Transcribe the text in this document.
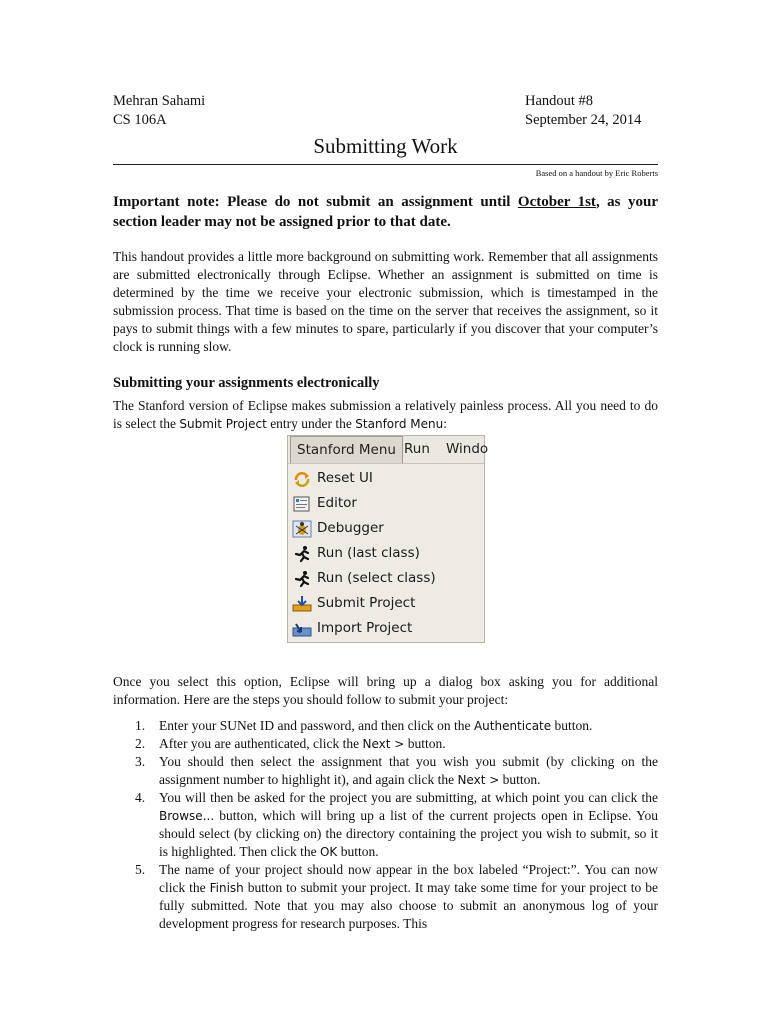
Mehran Sahami
CS 106A
Handout #8
September 24, 2014
Submitting Work
Based on a handout by Eric Roberts
Important note: Please do not submit an assignment until October 1st, as your section leader may not be assigned prior to that date.

This handout provides a little more background on submitting work. Remember that all assignments are submitted electronically through Eclipse. Whether an assignment is submitted on time is determined by the time we receive your electronic submission, which is timestamped in the submission process. That time is based on the time on the server that receives the assignment, so it pays to submit things with a few minutes to spare, particularly if you discover that your computer’s clock is running slow.

Submitting your assignments electronically

The Stanford version of Eclipse makes submission a relatively painless process. All you need to do is select the Submit Project entry under the Stanford Menu:

Once you select this option, Eclipse will bring up a dialog box asking you for additional information. Here are the steps you should follow to submit your project:

1. Enter your SUNet ID and password, and then click on the Authenticate button.
2. After you are authenticated, click the Next > button.
3. You should then select the assignment that you wish you submit (by clicking on the assignment number to highlight it), and again click the Next > button.
4. You will then be asked for the project you are submitting, at which point you can click the Browse... button, which will bring up a list of the current projects open in Eclipse. You should select (by clicking on) the directory containing the project you wish to submit, so it is highlighted. Then click the OK button.
5. The name of your project should now appear in the box labeled “Project:”. You can now click the Finish button to submit your project. It may take some time for your project to be fully submitted. Note that you may also choose to submit an anonymous log of your development progress for research purposes. This
Stanford Menu Run Windo
Reset UI
Editor
Debugger
Run (last class)
Run (select class)
Submit Project
Import Project
